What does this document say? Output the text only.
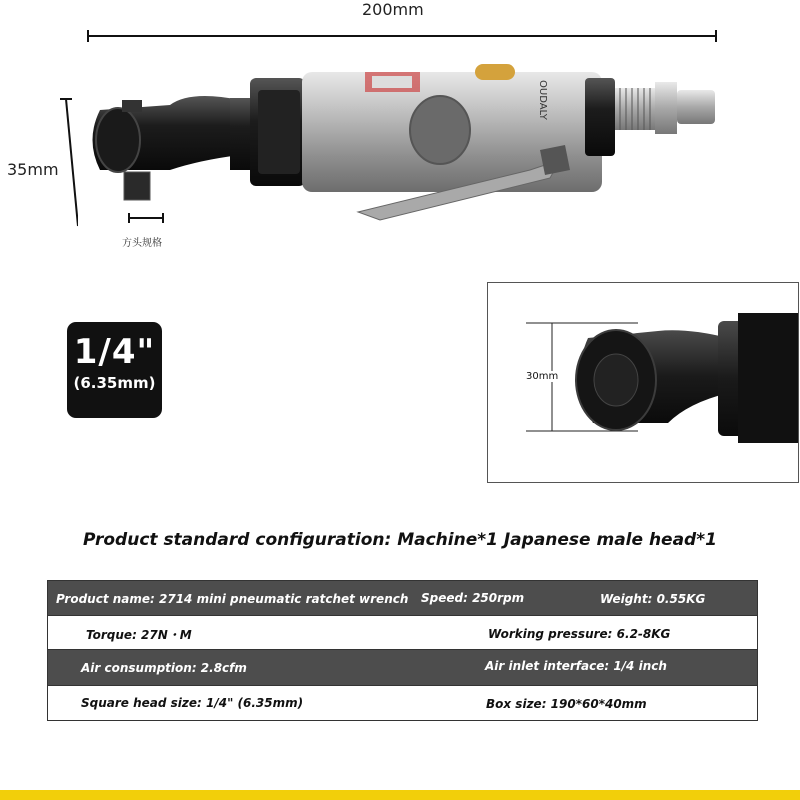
200mm
35mm
OUDALY
方头规格
1/4"
(6.35mm)	30mm
Product standard configuration: Machine*1 Japanese male head*1
Product name: 2714 mini pneumatic ratchet wrench Speed: 250rpm	Weight: 0.55KG
Torque: 27N・M	Working pressure: 6.2-8KG
Air consumption: 2.8cfm	Air inlet interface: 1/4 inch
Square head size: 1/4" (6.35mm)	Box size: 190*60*40mm
